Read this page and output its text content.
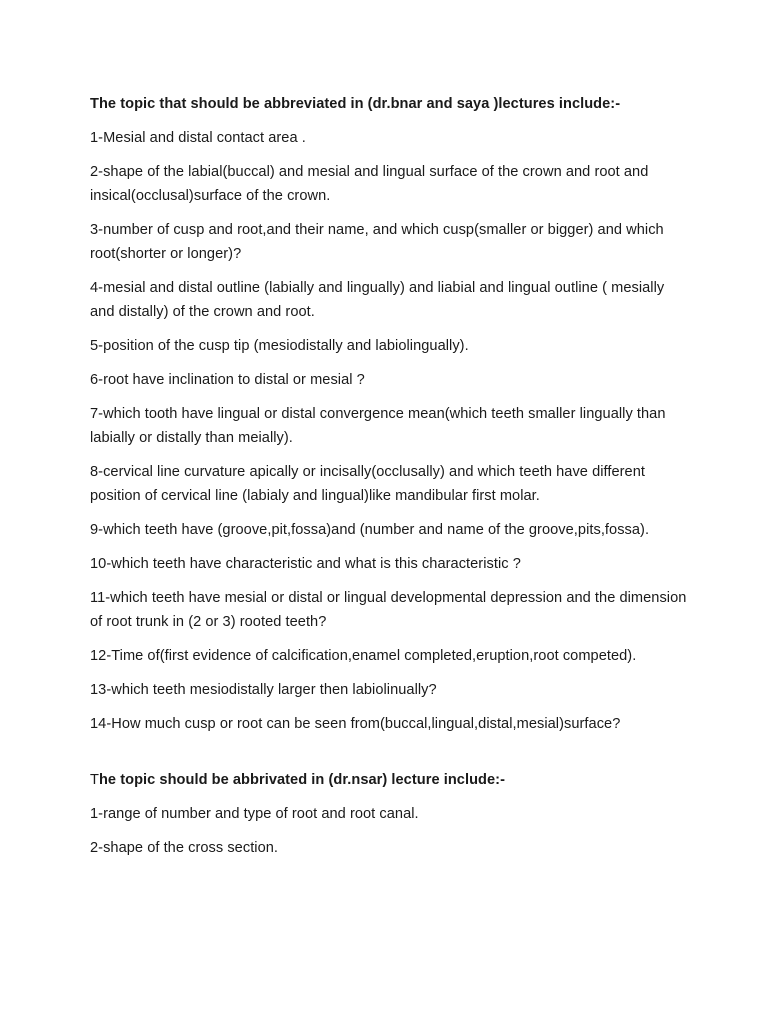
The topic that should be abbreviated in (dr.bnar and saya )lectures include:-

1-Mesial and distal contact area .

2-shape of the labial(buccal) and mesial and lingual surface of the crown and root and insical(occlusal)surface of the crown.

3-number of cusp and root,and their name, and which cusp(smaller or bigger) and which root(shorter or longer)?

4-mesial and distal outline (labially and lingually) and liabial and lingual outline ( mesially and distally) of the crown and root.

5-position of the cusp tip (mesiodistally and labiolingually).

6-root have inclination to distal or mesial ?

7-which tooth have lingual or distal convergence mean(which teeth smaller lingually than labially or distally than meially).

8-cervical line curvature apically or incisally(occlusally) and which teeth have different position of cervical line (labialy and lingual)like mandibular first molar.

9-which teeth have (groove,pit,fossa)and (number and name of the groove,pits,fossa).

10-which teeth have characteristic and what is this characteristic ?

11-which teeth have mesial or distal or lingual developmental depression and the dimension of root trunk in (2 or 3) rooted teeth?

12-Time of(first evidence of calcification,enamel completed,eruption,root competed).

13-which teeth mesiodistally larger then labiolinually?

14-How much cusp or root can be seen from(buccal,lingual,distal,mesial)surface?

The topic should be abbrivated in (dr.nsar) lecture include:-

1-range of number and type of root and root canal.

2-shape of the cross section.
